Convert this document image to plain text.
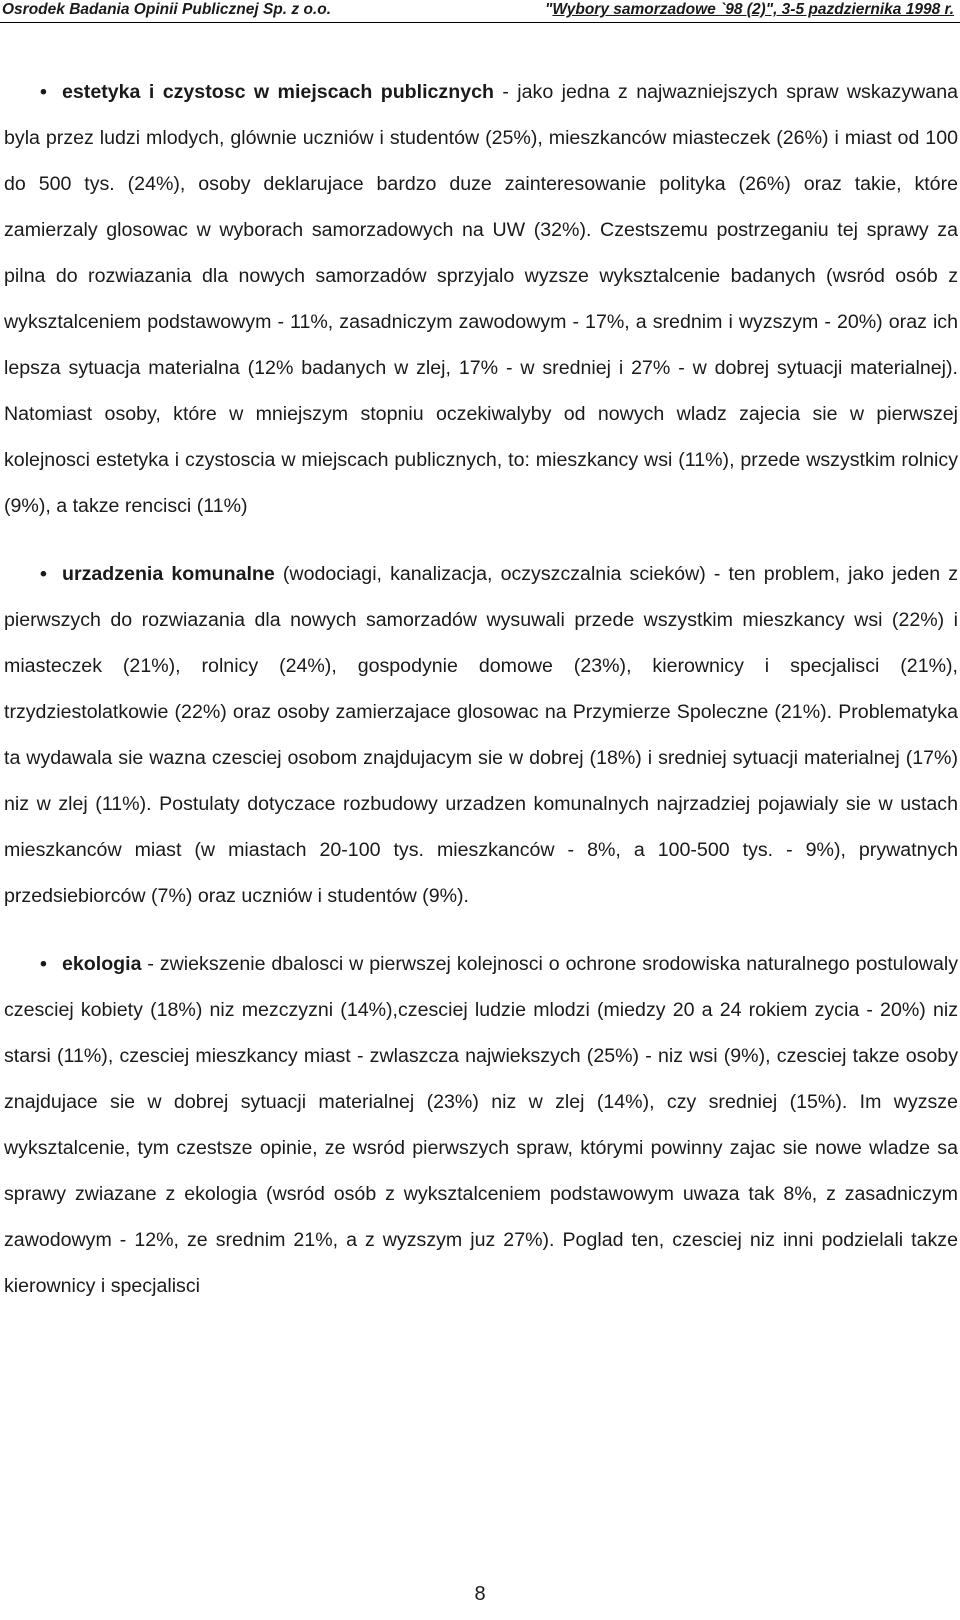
Osrodek Badania Opinii Publicznej Sp. z o.o.	"Wybory samorzadowe `98 (2)", 3-5 pazdziernika 1998 r.

• estetyka i czystosc w miejscach publicznych - jako jedna z najwazniejszych spraw wskazywana byla przez ludzi mlodych, glównie uczniów i studentów (25%), mieszkanców miasteczek (26%) i miast od 100 do 500 tys. (24%), osoby deklarujace bardzo duze zainteresowanie polityka (26%) oraz takie, które zamierzaly glosowac w wyborach samorzadowych na UW (32%). Czestszemu postrzeganiu tej sprawy za pilna do rozwiazania dla nowych samorzadów sprzyjalo wyzsze wyksztalcenie badanych (wsród osób z wyksztalceniem podstawowym - 11%, zasadniczym zawodowym - 17%, a srednim i wyzszym - 20%) oraz ich lepsza sytuacja materialna (12% badanych w zlej, 17% - w sredniej i 27% - w dobrej sytuacji materialnej). Natomiast osoby, które w mniejszym stopniu oczekiwalyby od nowych wladz zajecia sie w pierwszej kolejnosci estetyka i czystoscia w miejscach publicznych, to: mieszkancy wsi (11%), przede wszystkim rolnicy (9%), a takze rencisci (11%)

• urzadzenia komunalne (wodociagi, kanalizacja, oczyszczalnia scieków) - ten problem, jako jeden z pierwszych do rozwiazania dla nowych samorzadów wysuwali przede wszystkim mieszkancy wsi (22%) i miasteczek (21%), rolnicy (24%), gospodynie domowe (23%), kierownicy i specjalisci (21%), trzydziestolatkowie (22%) oraz osoby zamierzajace glosowac na Przymierze Spoleczne (21%). Problematyka ta wydawala sie wazna czesciej osobom znajdujacym sie w dobrej (18%) i sredniej sytuacji materialnej (17%) niz w zlej (11%). Postulaty dotyczace rozbudowy urzadzen komunalnych najrzadziej pojawialy sie w ustach mieszkanców miast (w miastach 20-100 tys. mieszkanców - 8%, a 100-500 tys. - 9%), prywatnych przedsiebiorców (7%) oraz uczniów i studentów (9%).

• ekologia - zwiekszenie dbalosci w pierwszej kolejnosci o ochrone srodowiska naturalnego postulowaly czesciej kobiety (18%) niz mezczyzni (14%),czesciej ludzie mlodzi (miedzy 20 a 24 rokiem zycia - 20%) niz starsi (11%), czesciej mieszkancy miast - zwlaszcza najwiekszych (25%) - niz wsi (9%), czesciej takze osoby znajdujace sie w dobrej sytuacji materialnej (23%) niz w zlej (14%), czy sredniej (15%). Im wyzsze wyksztalcenie, tym czestsze opinie, ze wsród pierwszych spraw, którymi powinny zajac sie nowe wladze sa sprawy zwiazane z ekologia (wsród osób z wyksztalceniem podstawowym uwaza tak 8%, z zasadniczym zawodowym - 12%, ze srednim 21%, a z wyzszym juz 27%). Poglad ten, czesciej niz inni podzielali takze kierownicy i specjalisci

8
